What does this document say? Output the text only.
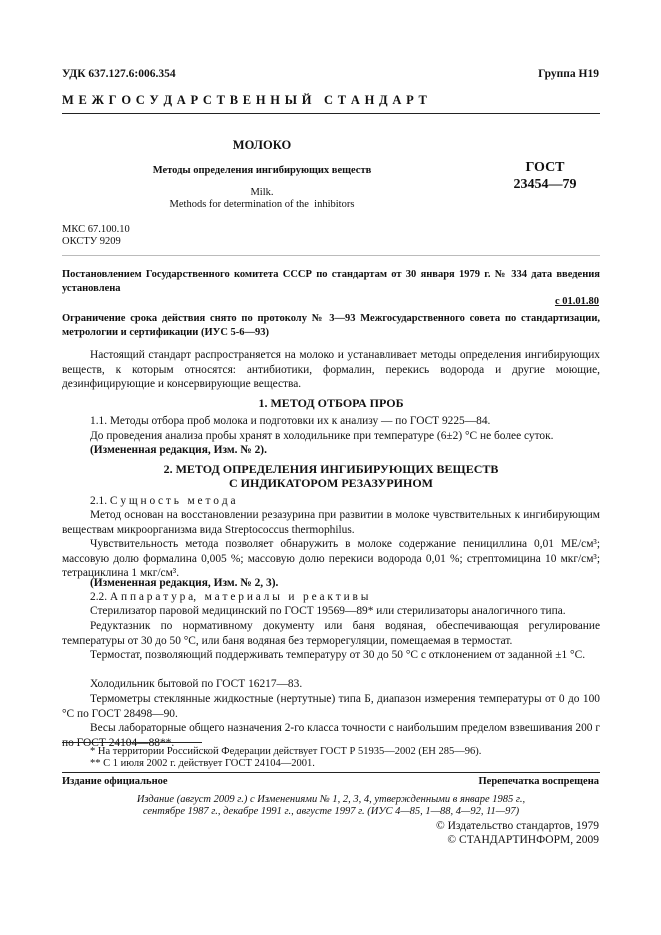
УДК 637.127.6:006.354	Группа Н19
М Е Ж Г О С У Д А Р С Т В Е Н Н Ы Й   С Т А Н Д А Р Т
МОЛОКО
Методы определения ингибирующих веществ
Milk.
Methods for determination of the  inhibitors
ГОСТ
23454—79
МКС 67.100.10
ОКСТУ 9209
Постановлением Государственного комитета СССР по стандартам от 30 января 1979 г. № 334 дата введения установлена
с 01.01.80
Ограничение срока действия снято по протоколу № 3—93 Межгосударственного совета по стандартизации, метрологии и сертификации (ИУС 5-6—93)
Настоящий стандарт распространяется на молоко и устанавливает методы определения ингибирующих веществ, к которым относятся: антибиотики, формалин, перекись водорода и другие моющие, дезинфицирующие и консервирующие вещества.
1. МЕТОД ОТБОРА ПРОБ
1.1. Методы отбора проб молока и подготовки их к анализу — по ГОСТ 9225—84.
До проведения анализа пробы хранят в холодильнике при температуре (6±2) °С не более суток.
(Измененная редакция, Изм. № 2).
2. МЕТОД ОПРЕДЕЛЕНИЯ ИНГИБИРУЮЩИХ ВЕЩЕСТВ
С ИНДИКАТОРОМ РЕЗАЗУРИНОМ
2.1. С у щ н о с т ь   м е т о д а
Метод основан на восстановлении резазурина при развитии в молоке чувствительных к ингибирующим веществам микроорганизма вида Streptococcus thermophilus.
Чувствительность метода позволяет обнаружить в молоке содержание пенициллина 0,01 МЕ/см³; массовую долю формалина 0,005 %; массовую долю перекиси водорода 0,01 %; стрептомицина 10 мкг/см³; тетрациклина 1 мкг/см³.
(Измененная редакция, Изм. № 2, 3).
2.2. А п п а р а т у р а,   м а т е р и а л ы   и   р е а к т и в ы
Стерилизатор паровой медицинский по ГОСТ 19569—89* или стерилизаторы аналогичного типа.
Редуктазник по нормативному документу или баня водяная, обеспечивающая регулирование температуры от 30 до 50 °С, или баня водяная без терморегуляции, помещаемая в термостат.
Термостат, позволяющий поддерживать температуру от 30 до 50 °С с отклонением от заданной ±1 °С.
Холодильник бытовой по ГОСТ 16217—83.
Термометры стеклянные жидкостные (нертутные) типа Б, диапазон измерения температуры от 0 до 100 °С по ГОСТ 28498—90.
Весы лабораторные общего назначения 2-го класса точности с наибольшим пределом взвешивания 200 г по ГОСТ 24104—88**.
* На территории Российской Федерации действует ГОСТ Р 51935—2002 (ЕН 285—96).
** С 1 июля 2002 г. действует ГОСТ 24104—2001.
Издание официальное	Перепечатка воспрещена
Издание (август 2009 г.) с Изменениями № 1, 2, 3, 4, утвержденными в январе 1985 г.,
сентябре 1987 г., декабре 1991 г., августе 1997 г. (ИУС 4—85, 1—88, 4—92, 11—97)
© Издательство стандартов, 1979
© СТАНДАРТИНФОРМ, 2009
